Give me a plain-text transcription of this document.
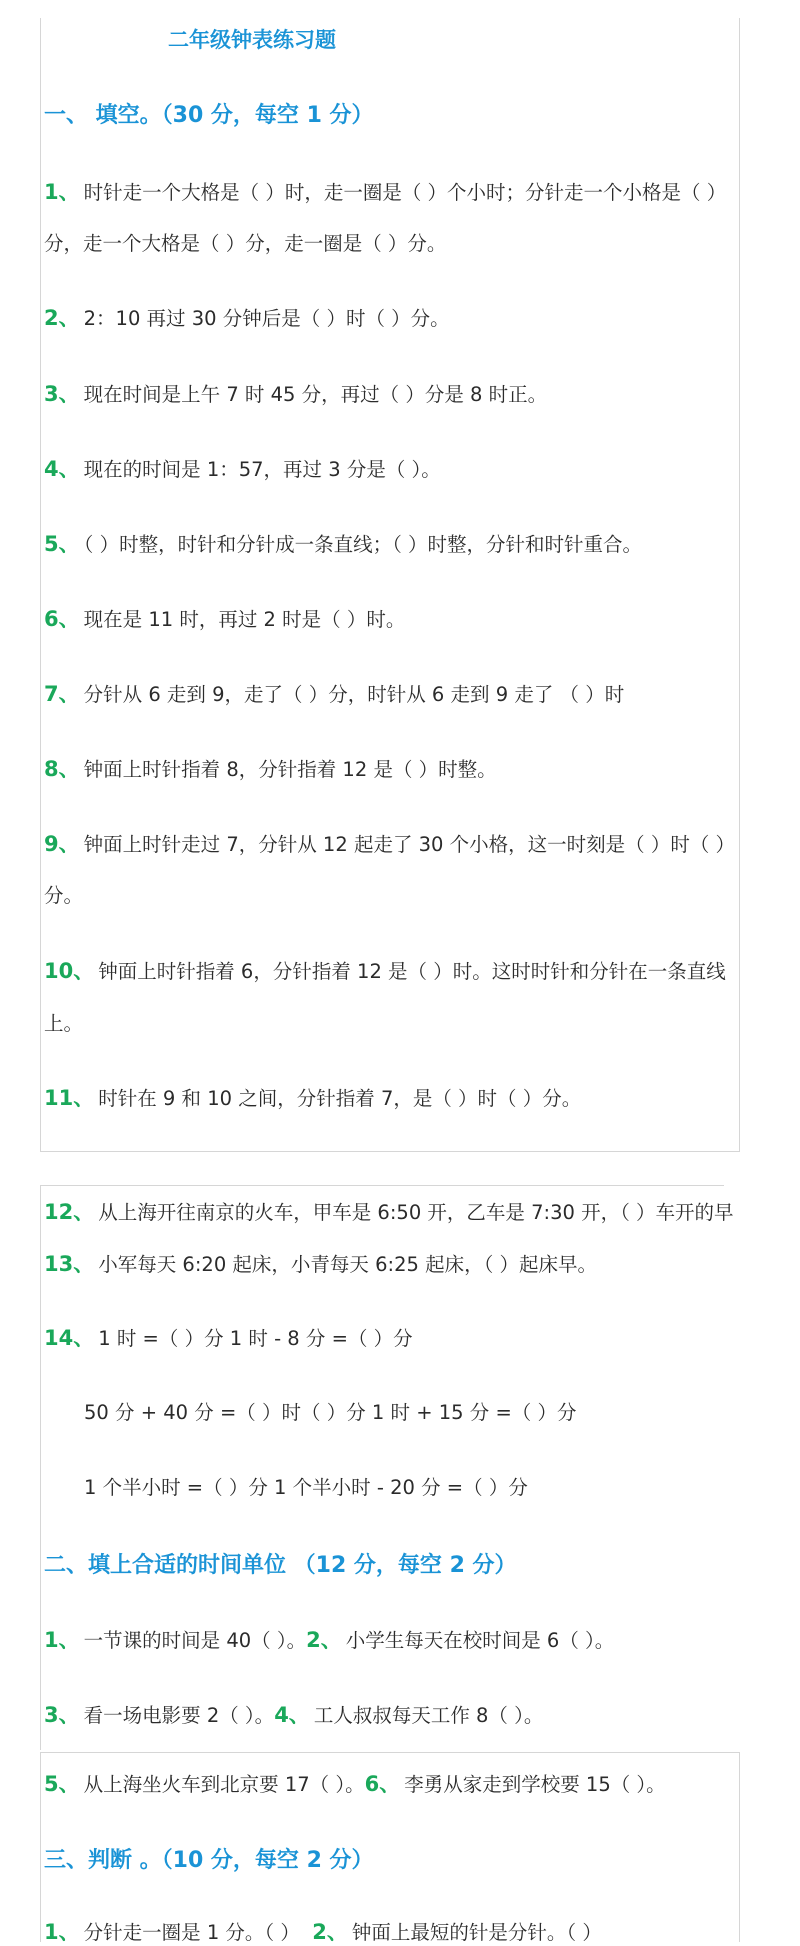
二年级钟表练习题
一、 填空。（30 分，每空 1 分）
1、 时针走一个大格是（ ）时，走一圈是（ ）个小时；分针走一个小格是（ ）
分，走一个大格是（ ）分，走一圈是（ ）分。
2、 2：10 再过 30 分钟后是（ ）时（ ）分。
3、 现在时间是上午 7 时 45 分，再过（ ）分是 8 时正。
4、 现在的时间是 1：57，再过 3 分是（ ）。
5、 （ ）时整，时针和分针成一条直线；（ ）时整，分针和时针重合。
6、 现在是 11 时，再过 2 时是（ ）时。
7、 分针从 6 走到 9，走了（ ）分，时针从 6 走到 9 走了 （ ）时
8、 钟面上时针指着 8，分针指着 12 是（ ）时整。
9、 钟面上时针走过 7，分针从 12 起走了 30 个小格，这一时刻是（ ）时（ ）
分。
10、 钟面上时针指着 6，分针指着 12 是（ ）时。这时时针和分针在一条直线
上。
11、 时针在 9 和 10 之间，分针指着 7，是（ ）时（ ）分。
12、 从上海开往南京的火车，甲车是 6:50 开，乙车是 7:30 开，（ ）车开的早
13、 小军每天 6:20 起床，小青每天 6:25 起床，（ ）起床早。
14、 1 时 =（ ）分 1 时 - 8 分 =（ ）分
50 分 + 40 分 =（ ）时（ ）分 1 时 + 15 分 =（ ）分
1 个半小时 =（ ）分 1 个半小时 - 20 分 =（ ）分
二、填上合适的时间单位 （12 分，每空 2 分）
1、 一节课的时间是 40（ ）。2、 小学生每天在校时间是 6（ ）。
3、 看一场电影要 2（ ）。4、 工人叔叔每天工作 8（ ）。
5、 从上海坐火车到北京要 17（ ）。6、 李勇从家走到学校要 15（ ）。
三、判断 。（10 分，每空 2 分）
1、 分针走一圈是 1 分。（ ） 2、 钟面上最短的针是分针。（ ）
